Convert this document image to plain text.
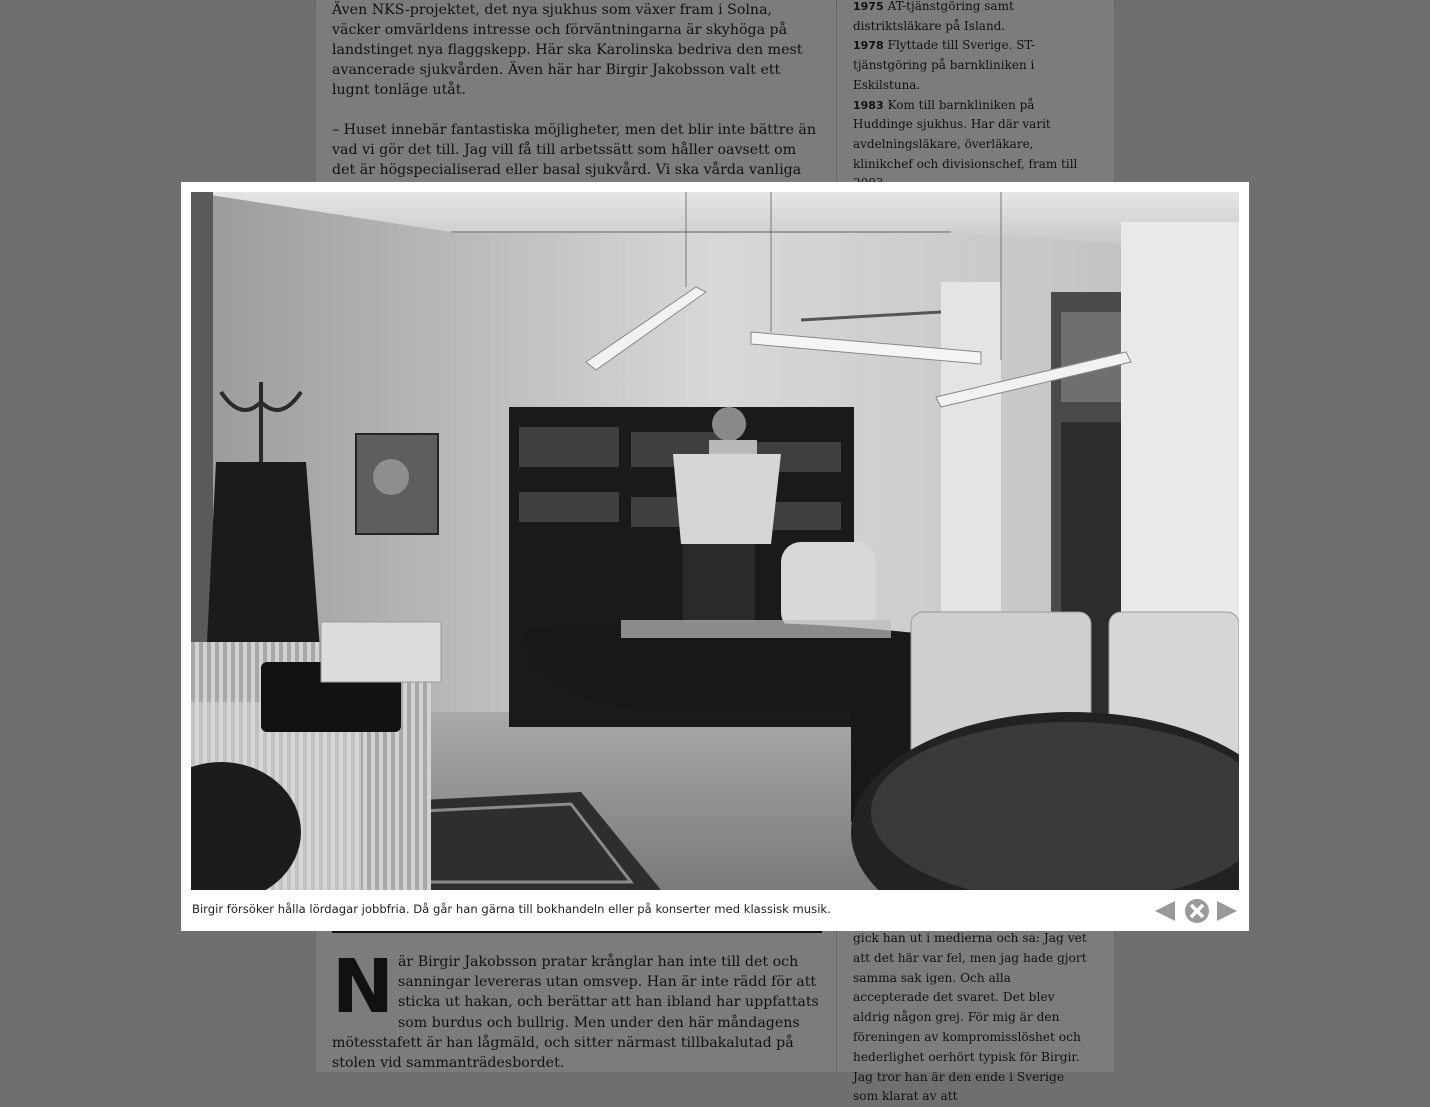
Även NKS-projektet, det nya sjukhus som växer fram i Solna, väcker omvärldens intresse och förväntningarna är skyhöga på landstinget nya flaggskepp. Här ska Karolinska bedriva den mest avancerade sjukvården. Även här har Birgir Jakobsson valt ett lugnt tonläge utåt.

– Huset innebär fantastiska möjligheter, men det blir inte bättre än vad vi gör det till. Jag vill få till arbetssätt som håller oavsett om det är högspecialiserad eller basal sjukvård. Vi ska vårda vanliga

1975 AT-tjänstgöring samt distriktsläkare på Island.

1978 Flyttade till Sverige. ST-tjänstgöring på barnkliniken i Eskilstuna.

1983 Kom till barnkliniken på Huddinge sjukhus. Har där varit avdelningsläkare, överläkare, klinikchef och divisionschef, fram till

N är Birgir Jakobsson pratar krånglar han inte till det och sanningar levereras utan omsvep. Han är inte rädd för att sticka ut hakan, och berättar att han ibland har uppfattats som burdus och bullrig. Men under den här måndagens mötesstafett är han lågmäld, och sitter närmast tillbakalutad på stolen vid sammanträdesbordet.
gick han ut i medierna och sa: Jag vet att det här var fel, men jag hade gjort samma sak igen. Och alla accepterade det svaret. Det blev aldrig någon grej. För mig är den föreningen av kompromisslöshet och hederlighet oerhört typisk för Birgir. Jag tror han är den ende i Sverige som klarat av att
Birgir försöker hålla lördagar jobbfria. Då går han gärna till bokhandeln eller på konserter med klassisk musik.
